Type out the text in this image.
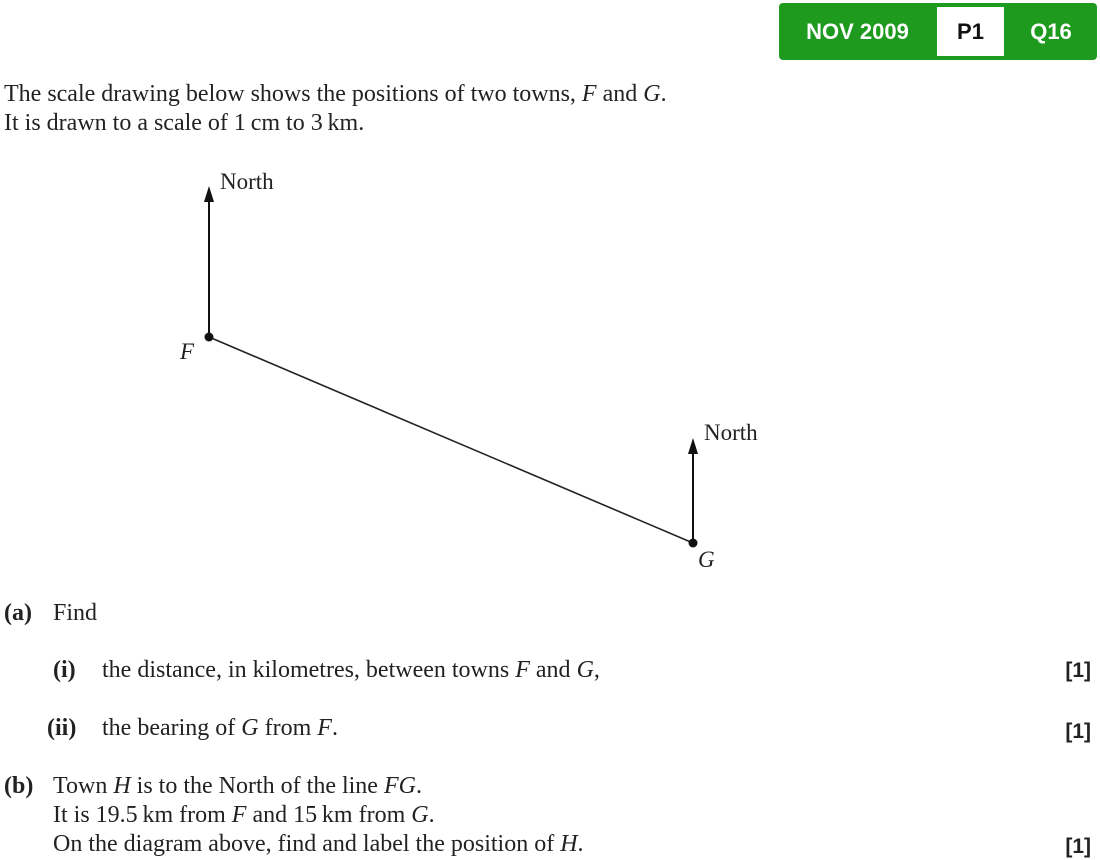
NOV 2009	P1	Q16
The scale drawing below shows the positions of two towns, F and G.
It is drawn to a scale of 1 cm to 3 km.
North
North
F
G
(a) Find
(i) the distance, in kilometres, between towns F and G,	[1]
(ii) the bearing of G from F.	[1]
(b) Town H is to the North of the line FG.
It is 19.5 km from F and 15 km from G.
On the diagram above, find and label the position of H.	[1]
